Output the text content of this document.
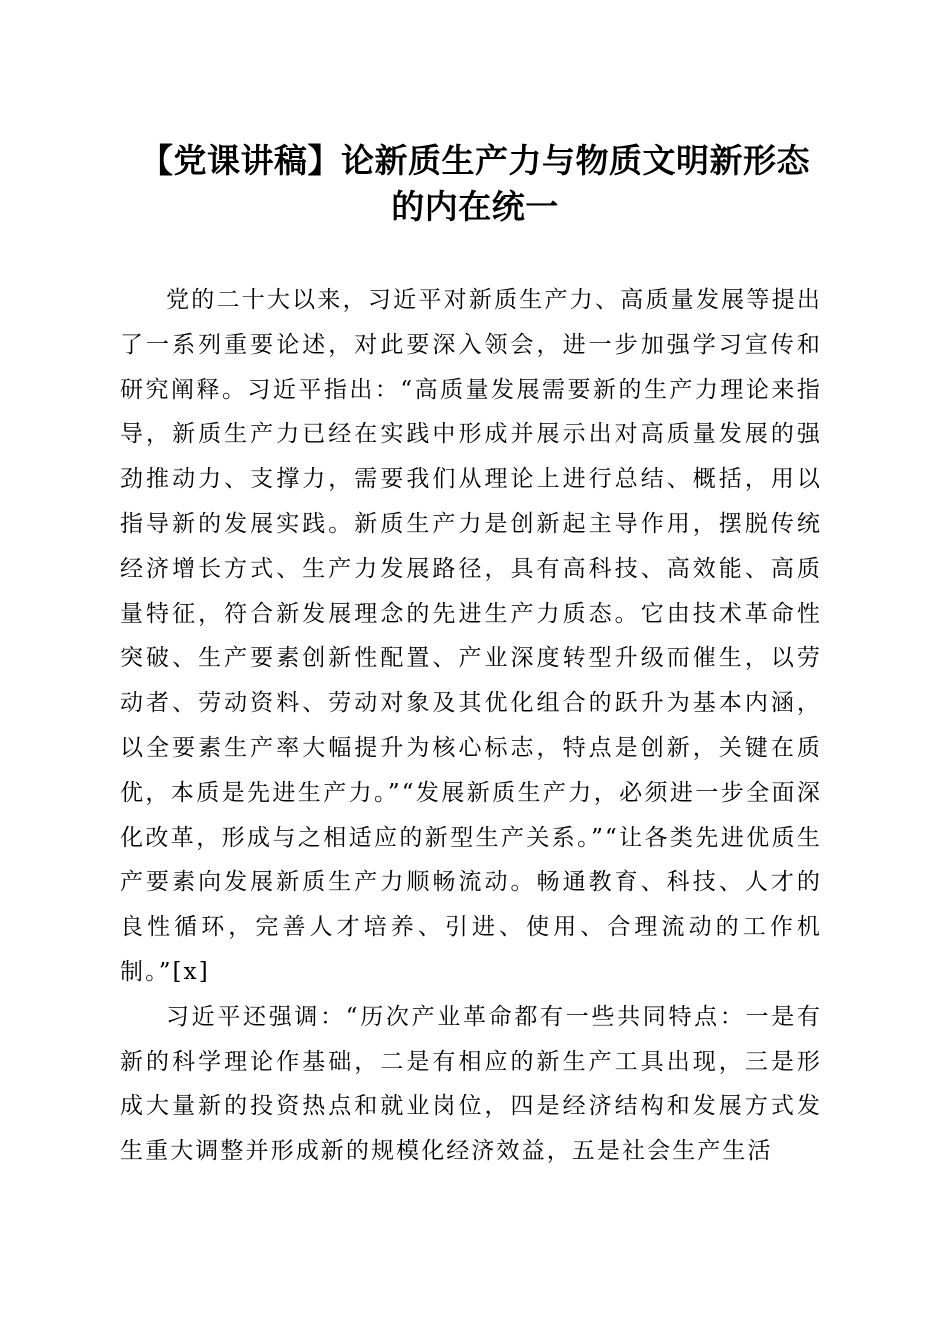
【党课讲稿】论新质生产力与物质文明新形态
的内在统一

党的二十大以来，习近平对新质生产力、高质量发展等提出了一系列重要论述，对此要深入领会，进一步加强学习宣传和研究阐释。习近平指出：“高质量发展需要新的生产力理论来指导，新质生产力已经在实践中形成并展示出对高质量发展的强劲推动力、支撑力，需要我们从理论上进行总结、概括，用以指导新的发展实践。新质生产力是创新起主导作用，摆脱传统经济增长方式、生产力发展路径，具有高科技、高效能、高质量特征，符合新发展理念的先进生产力质态。它由技术革命性突破、生产要素创新性配置、产业深度转型升级而催生，以劳动者、劳动资料、劳动对象及其优化组合的跃升为基本内涵，以全要素生产率大幅提升为核心标志，特点是创新，关键在质优，本质是先进生产力。”“发展新质生产力，必须进一步全面深化改革，形成与之相适应的新型生产关系。”“让各类先进优质生产要素向发展新质生产力顺畅流动。畅通教育、科技、人才的良性循环，完善人才培养、引进、使用、合理流动的工作机制。”[x]

习近平还强调：“历次产业革命都有一些共同特点：一是有新的科学理论作基础，二是有相应的新生产工具出现，三是形成大量新的投资热点和就业岗位，四是经济结构和发展方式发生重大调整并形成新的规模化经济效益，五是社会生产生活
